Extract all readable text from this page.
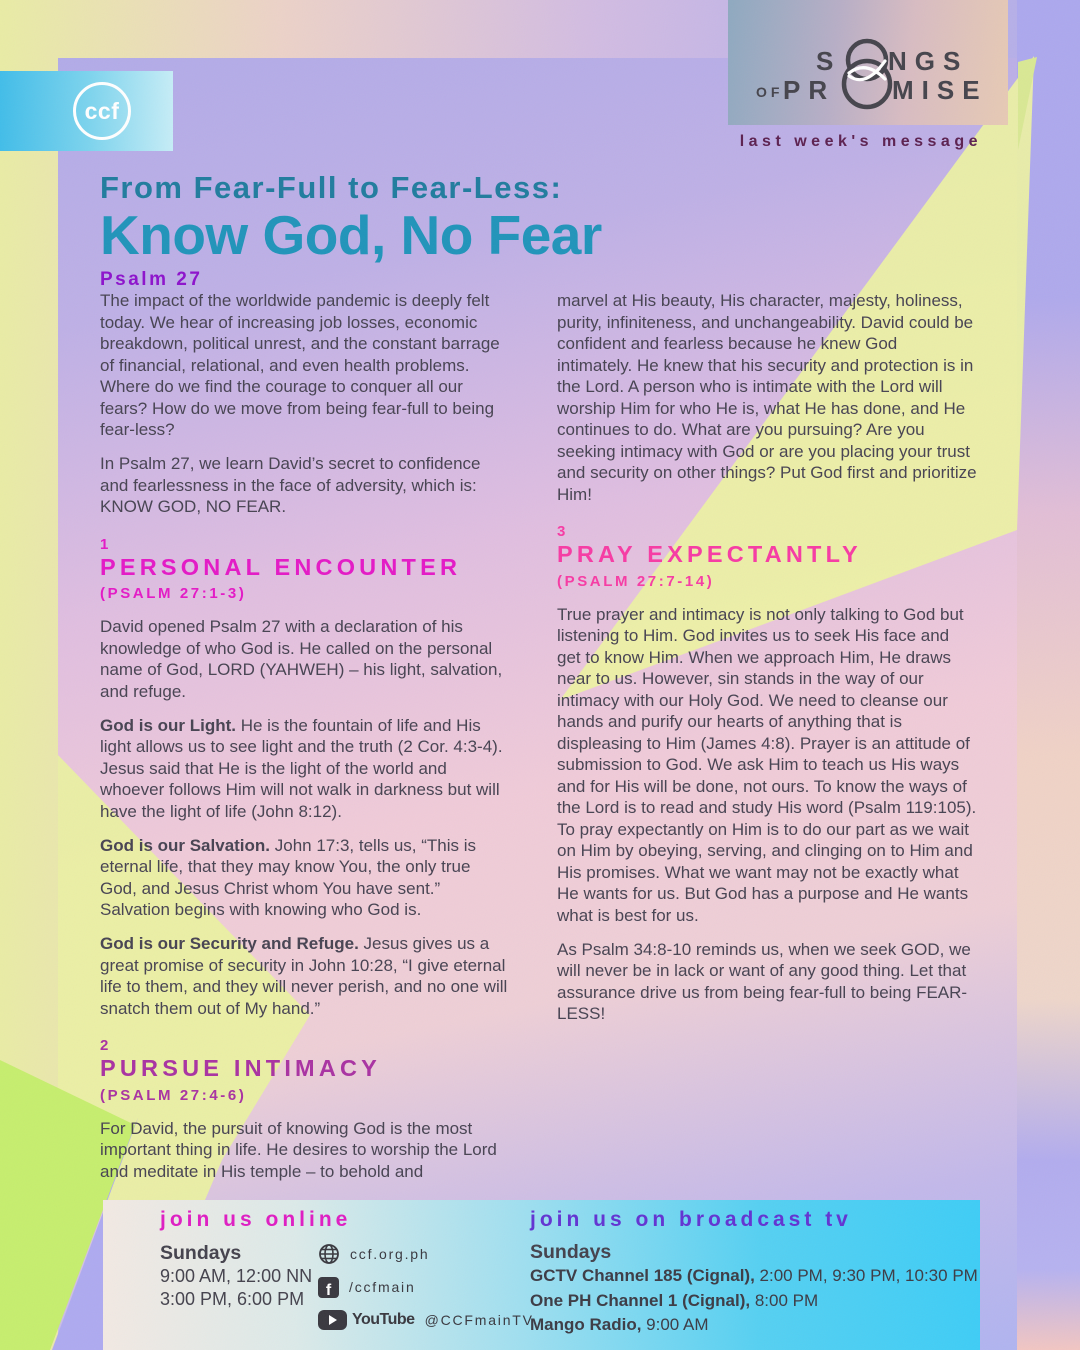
ccf
S NGS
OF PR MISE
last week's message
From Fear-Full to Fear-Less:
Know God, No Fear
Psalm 27

The impact of the worldwide pandemic is deeply felt today. We hear of increasing job losses, economic breakdown, political unrest, and the constant barrage of financial, relational, and even health problems. Where do we find the courage to conquer all our fears? How do we move from being fear-full to being fear-less?

In Psalm 27, we learn David’s secret to confidence and fearlessness in the face of adversity, which is: KNOW GOD, NO FEAR.

1
PERSONAL ENCOUNTER
(PSALM 27:1-3)

David opened Psalm 27 with a declaration of his knowledge of who God is. He called on the personal name of God, LORD (YAHWEH) – his light, salvation, and refuge.

God is our Light. He is the fountain of life and His light allows us to see light and the truth (2 Cor. 4:3-4). Jesus said that He is the light of the world and whoever follows Him will not walk in darkness but will have the light of life (John 8:12).

God is our Salvation. John 17:3, tells us, “This is eternal life, that they may know You, the only true God, and Jesus Christ whom You have sent.” Salvation begins with knowing who God is.

God is our Security and Refuge. Jesus gives us a great promise of security in John 10:28, “I give eternal life to them, and they will never perish, and no one will snatch them out of My hand.”

2
PURSUE INTIMACY
(PSALM 27:4-6)

For David, the pursuit of knowing God is the most important thing in life. He desires to worship the Lord and meditate in His temple – to behold and

marvel at His beauty, His character, majesty, holiness, purity, infiniteness, and unchangeability. David could be confident and fearless because he knew God intimately. He knew that his security and protection is in the Lord. A person who is intimate with the Lord will worship Him for who He is, what He has done, and He continues to do. What are you pursuing? Are you seeking intimacy with God or are you placing your trust and security on other things? Put God first and prioritize Him!

3
PRAY EXPECTANTLY
(PSALM 27:7-14)

True prayer and intimacy is not only talking to God but listening to Him. God invites us to seek His face and get to know Him. When we approach Him, He draws near to us. However, sin stands in the way of our intimacy with our Holy God. We need to cleanse our hands and purify our hearts of anything that is displeasing to Him (James 4:8). Prayer is an attitude of submission to God. We ask Him to teach us His ways and for His will be done, not ours. To know the ways of the Lord is to read and study His word (Psalm 119:105). To pray expectantly on Him is to do our part as we wait on Him by obeying, serving, and clinging on to Him and His promises. What we want may not be exactly what He wants for us. But God has a purpose and He wants what is best for us.

As Psalm 34:8-10 reminds us, when we seek GOD, we will never be in lack or want of any good thing. Let that assurance drive us from being fear-full to being FEAR-LESS!

join us online
Sundays
9:00 AM, 12:00 NN
3:00 PM, 6:00 PM
ccf.org.ph
f	/ccfmain
YouTube @CCFmainTV
join us on broadcast tv
Sundays
GCTV Channel 185 (Cignal), 2:00 PM, 9:30 PM, 10:30 PM
One PH Channel 1 (Cignal), 8:00 PM
Mango Radio, 9:00 AM
